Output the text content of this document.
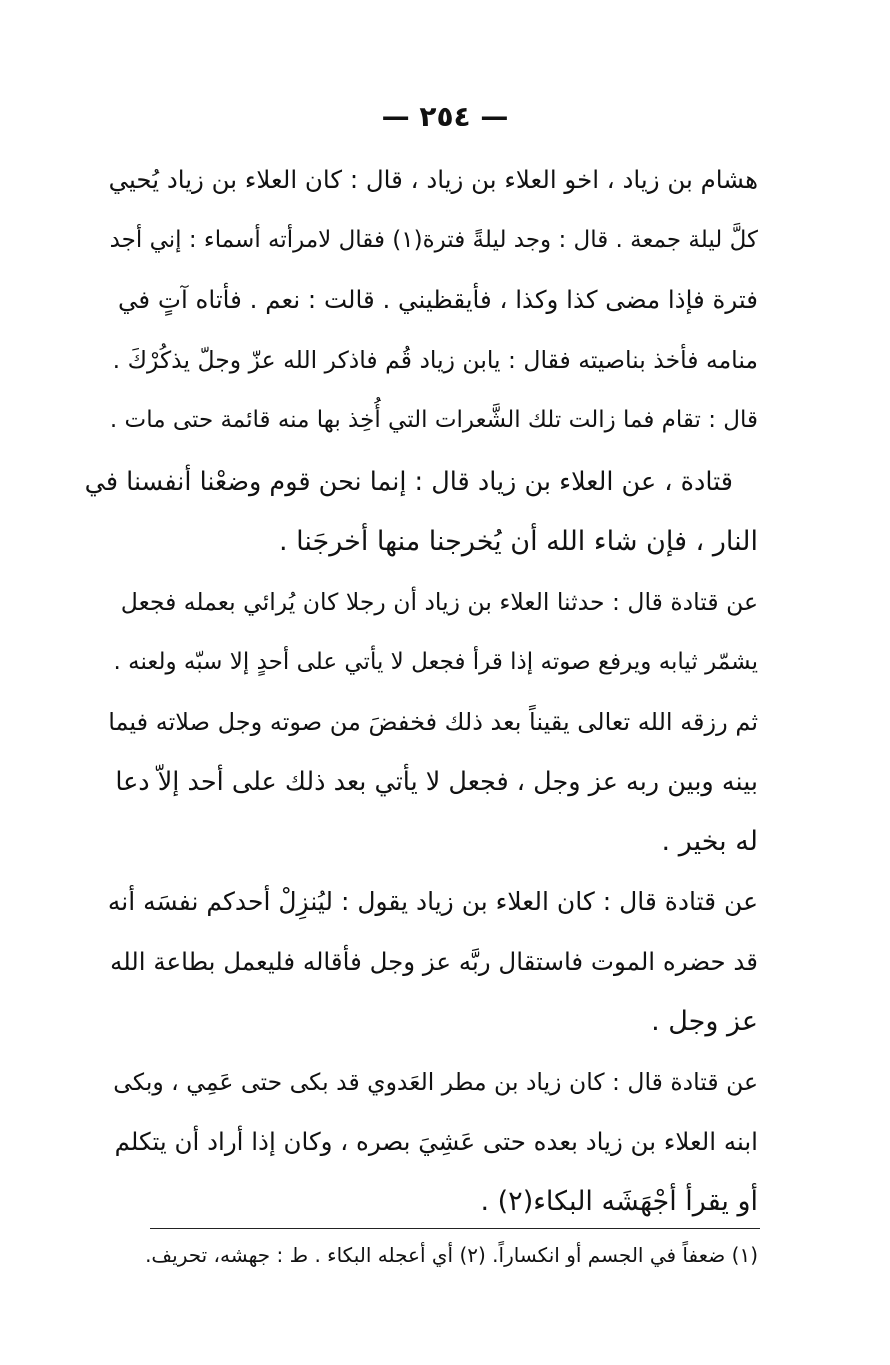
— ٢٥٤ —
هشام بن زياد ، اخو العلاء بن زياد ، قال : كان العلاء بن زياد يُحيي
كلَّ ليلة جمعة . قال : وجد ليلةً فترة(١) فقال لامرأته أسماء : إني أجد
فترة فإذا مضى كذا وكذا ، فأيقظيني . قالت : نعم . فأتاه آتٍ في
منامه فأخذ بناصيته فقال : يابن زياد قُم فاذكر الله عزّ وجلّ يذكُرْكَ .
قال : تقام فما زالت تلك الشَّعرات التي أُخِذ بها منه قائمة حتى مات .
قتادة ، عن العلاء بن زياد قال : إنما نحن قوم وضعْنا أنفسنا في
النار ، فإن شاء الله أن يُخرجنا منها أخرجَنا .
عن قتادة قال : حدثنا العلاء بن زياد أن رجلا كان يُرائي بعمله فجعل
يشمّر ثيابه ويرفع صوته إذا قرأ فجعل لا يأتي على أحدٍ إلا سبّه ولعنه .
ثم رزقه الله تعالى يقيناً بعد ذلك فخفضَ من صوته وجل صلاته فيما
بينه وبين ربه عز وجل ، فجعل لا يأتي بعد ذلك على أحد إلاّ دعا
له بخير .
عن قتادة قال : كان العلاء بن زياد يقول : ليُنزِلْ أحدكم نفسَه أنه
قد حضره الموت فاستقال ربَّه عز وجل فأقاله فليعمل بطاعة الله
عز وجل .
عن قتادة قال : كان زياد بن مطر العَدوي قد بكى حتى عَمِي ، وبكى
ابنه العلاء بن زياد بعده حتى عَشِيَ بصره ، وكان إذا أراد أن يتكلم
أو يقرأ أجْهَشَه البكاء(٢) .
(١) ضعفاً في الجسم أو انكساراً. (٢) أي أعجله البكاء . ط : جهشه، تحريف.
